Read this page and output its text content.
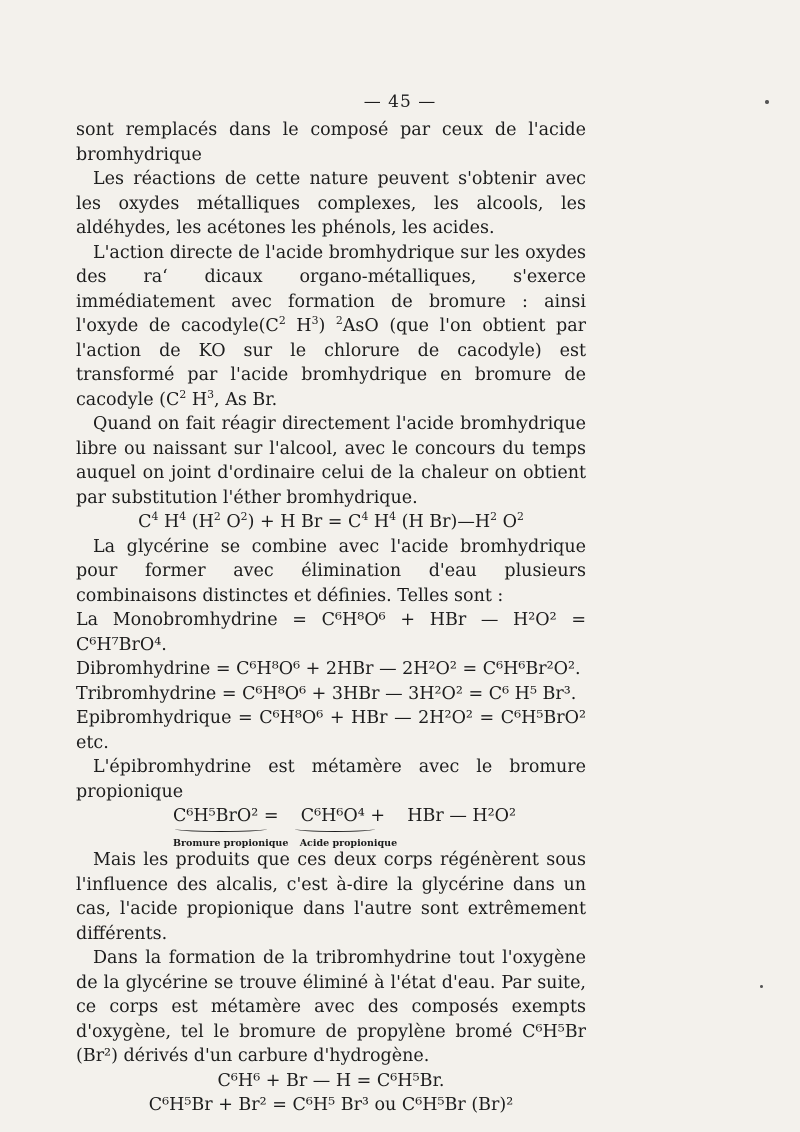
— 45 —

sont remplacés dans le composé par ceux de l'acide bromhydrique

Les réactions de cette nature peuvent s'obtenir avec les oxydes métalliques complexes, les alcools, les aldéhydes, les acétones les phénols, les acides.

L'action directe de l'acide bromhydrique sur les oxydes des ra‘ dicaux organo-métalliques, s'exerce immédiatement avec formation de bromure : ainsi l'oxyde de $cacodyle(C^2$ $H^3$) $^2$AsO (que l'on obtient par l'action de KO sur le chlorure de cacodyle) est transformé par l'acide bromhydrique en bromure de cacodyle ($C^2$ $H^3$, As Br.

Quand on fait réagir directement l'acide bromhydrique libre ou naissant sur l'alcool, avec le concours du temps auquel on joint d'ordinaire celui de la chaleur on obtient par substitution l'éther bromhydrique.

$C^4$ $H^4$ ($H^2$ $O^2) + H$ $Br = C^4$ $H^4$ (H $Br)—H^2$ $O^2$

La glycérine se combine avec l'acide bromhydrique pour former avec élimination d'eau plusieurs combinaisons distinctes et définies. Telles sont :

La Monobromhydrine = C⁶H⁸O⁶ + HBr — H²O² = C⁶H⁷BrO⁴.

Dibromhydrine = C⁶H⁸O⁶ + 2HBr — 2H²O² = C⁶H⁶Br²O².

Tribromhydrine = C⁶H⁸O⁶ + 3HBr — 3H²O² = C⁶ H⁵ Br³.

Epibromhydrique = C⁶H⁸O⁶ + HBr — 2H²O² = C⁶H⁵BrO² etc.

L'épibromhydrine est métamère avec le bromure propionique

C⁶H⁵BrO² =    C⁶H⁶O⁴ +    HBr — H²O²
Bromure propionique Acide propionique

Mais les produits que ces deux corps régénèrent sous l'influence des alcalis, c'est à-dire la glycérine dans un cas, l'acide propionique dans l'autre sont extrêmement différents.

Dans la formation de la tribromhydrine tout l'oxygène de la glycérine se trouve éliminé à l'état d'eau. Par suite, ce corps est métamère avec des composés exempts d'oxygène, tel le bromure de propylène bromé C⁶H⁵Br (Br²) dérivés d'un carbure d'hydrogène.

C⁶H⁶ + Br — H = C⁶H⁵Br.

C⁶H⁵Br + Br² = C⁶H⁵ Br³ ou C⁶H⁵Br (Br)²
